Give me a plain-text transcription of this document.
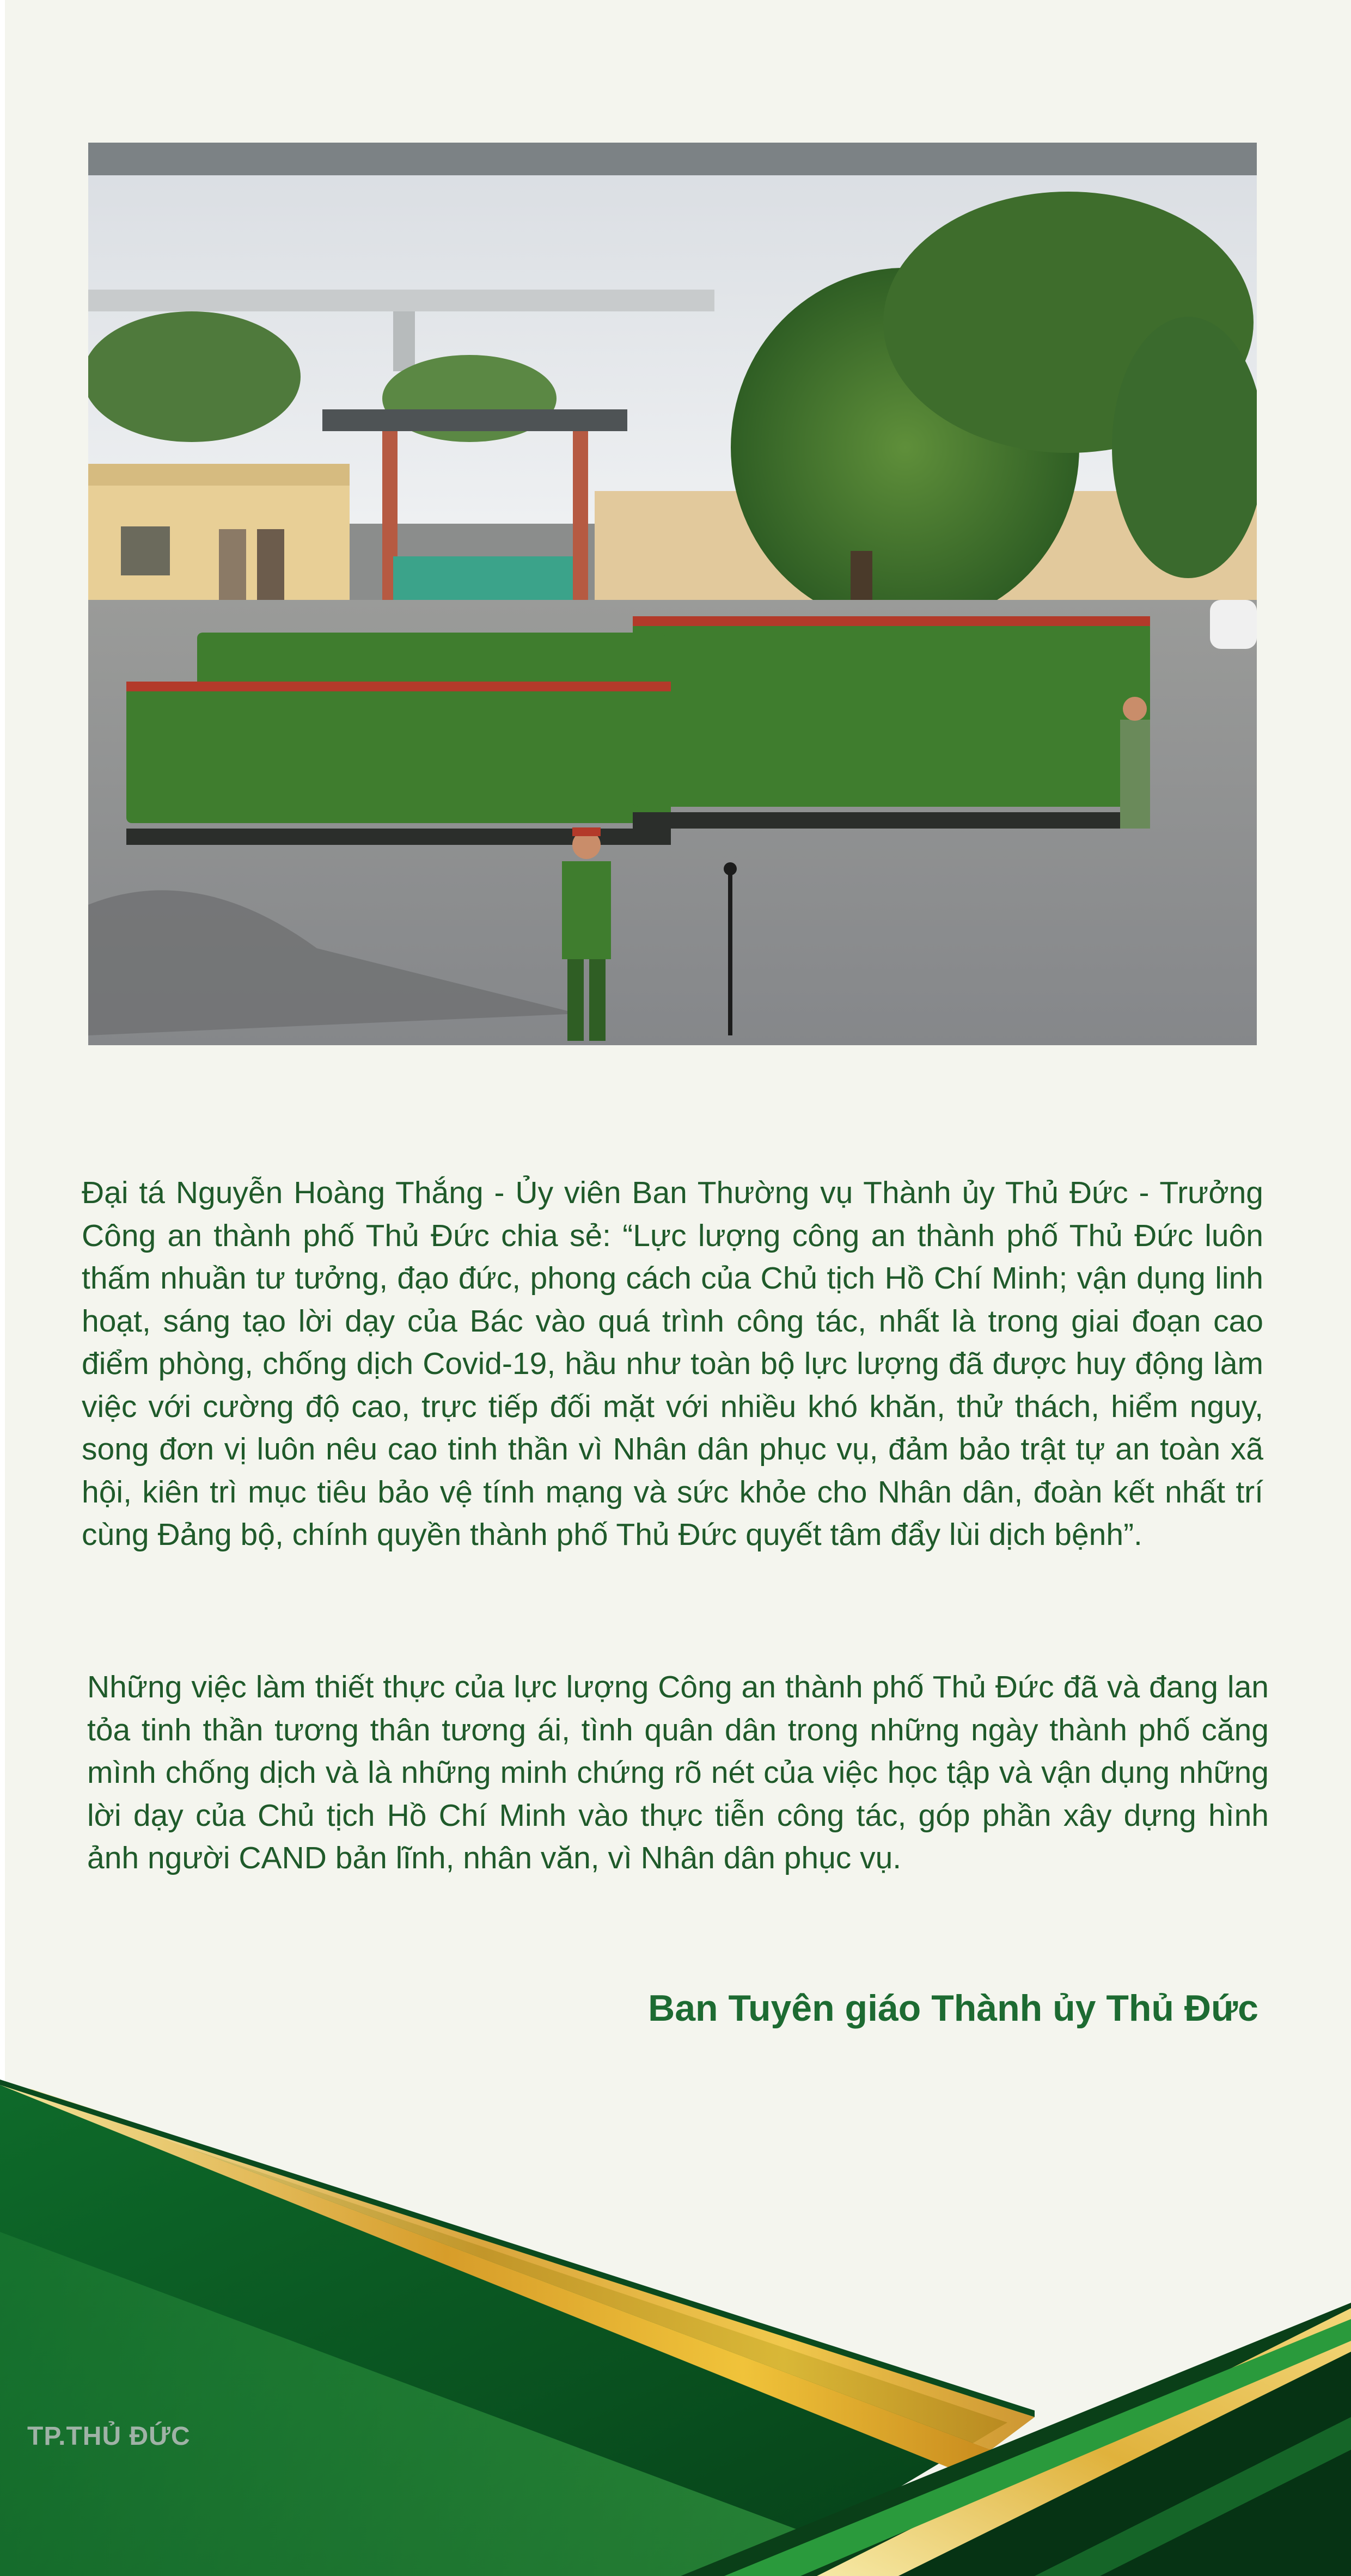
Đại tá Nguyễn Hoàng Thắng - Ủy viên Ban Thường vụ Thành ủy Thủ Đức - Trưởng Công an thành phố Thủ Đức chia sẻ: “Lực lượng công an thành phố Thủ Đức luôn thấm nhuần tư tưởng, đạo đức, phong cách của Chủ tịch Hồ Chí Minh; vận dụng linh hoạt, sáng tạo lời dạy của Bác vào quá trình công tác, nhất là trong giai đoạn cao điểm phòng, chống dịch Covid-19, hầu như toàn bộ lực lượng đã được huy động làm việc với cường độ cao, trực tiếp đối mặt với nhiều khó khăn, thử thách, hiểm nguy, song đơn vị luôn nêu cao tinh thần vì Nhân dân phục vụ, đảm bảo trật tự an toàn xã hội, kiên trì mục tiêu bảo vệ tính mạng và sức khỏe cho Nhân dân, đoàn kết nhất trí cùng Đảng bộ, chính quyền thành phố Thủ Đức quyết tâm đẩy lùi dịch bệnh”.

Những việc làm thiết thực của lực lượng Công an thành phố Thủ Đức đã và đang lan tỏa tinh thần tương thân tương ái, tình quân dân trong những ngày thành phố căng mình chống dịch và là những minh chứng rõ nét của việc học tập và vận dụng những lời dạy của Chủ tịch Hồ Chí Minh vào thực tiễn công tác, góp phần xây dựng hình ảnh người CAND bản lĩnh, nhân văn, vì Nhân dân phục vụ.

Ban Tuyên giáo Thành ủy Thủ Đức
TP.THỦ ĐỨC
